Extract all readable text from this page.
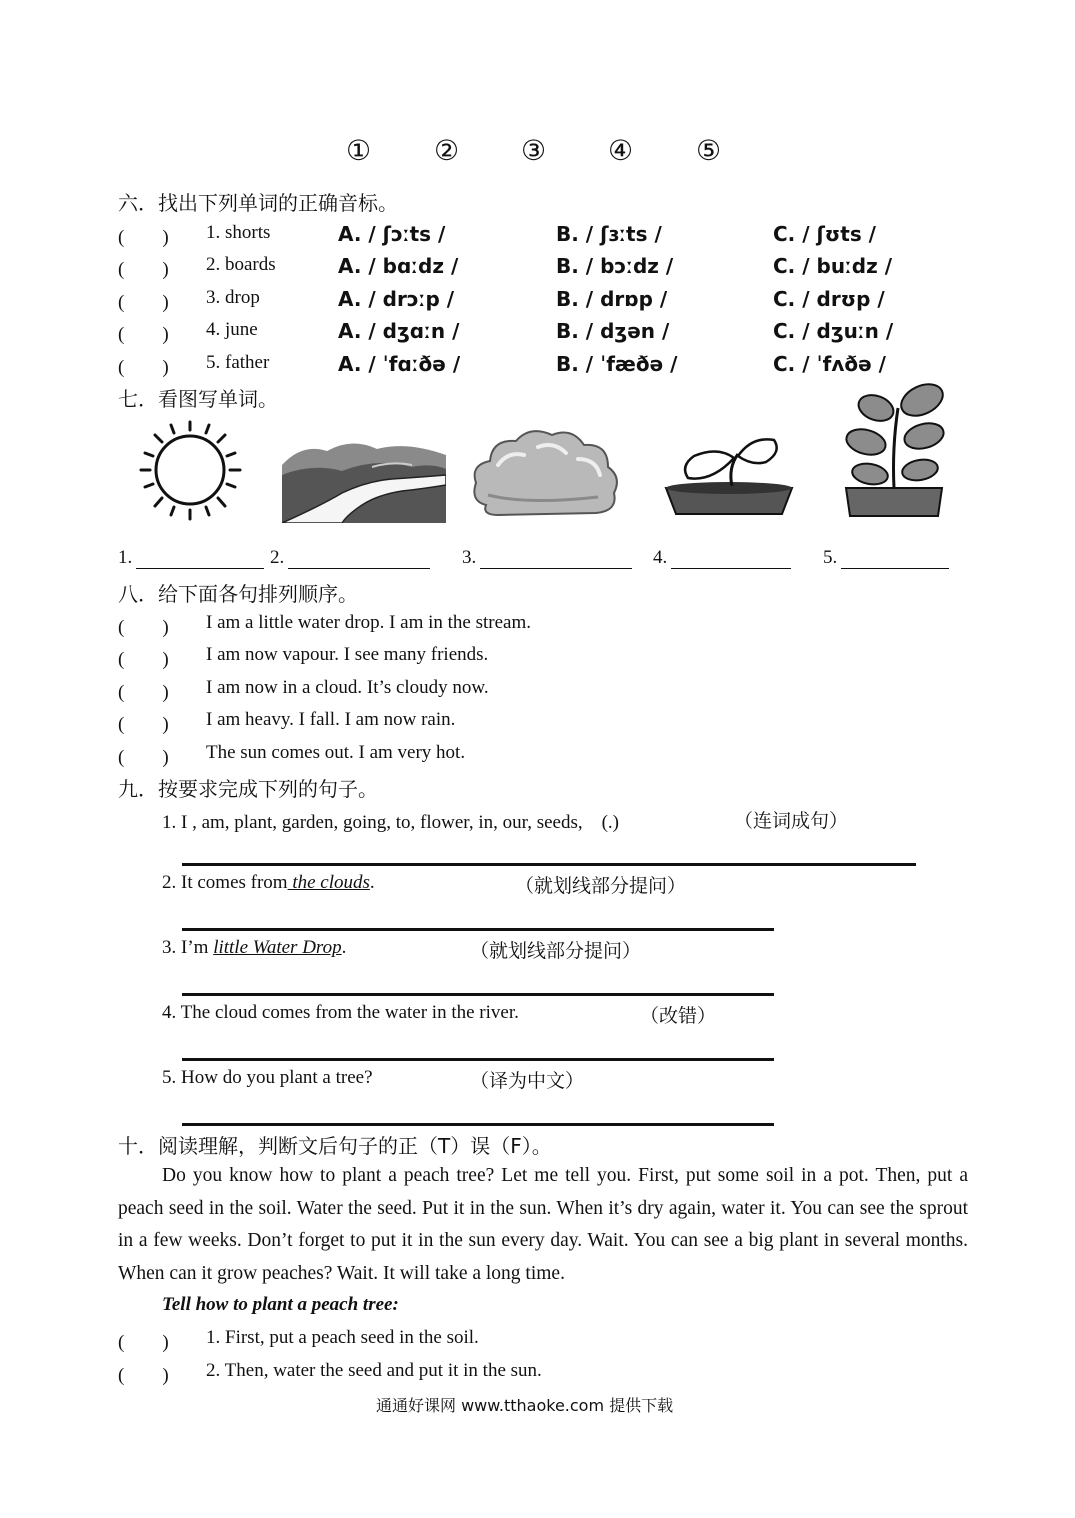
① ② ③ ④ ⑤
六．找出下列单词的正确音标。
(　　) 1. shorts	A. / ʃɔːts /	B. / ʃɜːts /	C. / ʃʊts /
(　　) 2. boards	A. / bɑːdz /	B. / bɔːdz /	C. / buːdz /
(　　) 3. drop	A. / drɔːp /	B. / drɒp /	C. / drʊp /
(　　) 4. june	A. / dʒɑːn /	B. / dʒən /	C. / dʒuːn /
(　　) 5. father	A. / ˈfɑːðə /	B. / ˈfæðə /	C. / ˈfʌðə /
七．看图写单词。
1.	2.	3.	4.	5.
八．给下面各句排列顺序。
(　　) I am a little water drop. I am in the stream.
(　　) I am now vapour. I see many friends.
(　　) I am now in a cloud. It’s cloudy now.
(　　) I am heavy. I fall. I am now rain.
(　　) The sun comes out. I am very hot.
九．按要求完成下列的句子。
1. I , am, plant, garden, going, to, flower, in, our, seeds,　(.)	（连词成句）
2. It comes from the clouds.	（就划线部分提问）
3. I’m little Water Drop.	（就划线部分提问）
4. The cloud comes from the water in the river.	（改错）
5. How do you plant a tree?	（译为中文）
十．阅读理解，判断文后句子的正（T）误（F）。
Do you know how to plant a peach tree? Let me tell you. First, put some soil in a pot. Then, put a peach seed in the soil. Water the seed. Put it in the sun. When it’s dry again, water it. You can see the sprout in a few weeks. Don’t forget to put it in the sun every day. Wait. You can see a big plant in several months. When can it grow peaches? Wait. It will take a long time.
Tell how to plant a peach tree:
(　　) 1. First, put a peach seed in the soil.
(　　) 2. Then, water the seed and put it in the sun.
通通好课网 www.tthaoke.com 提供下载
